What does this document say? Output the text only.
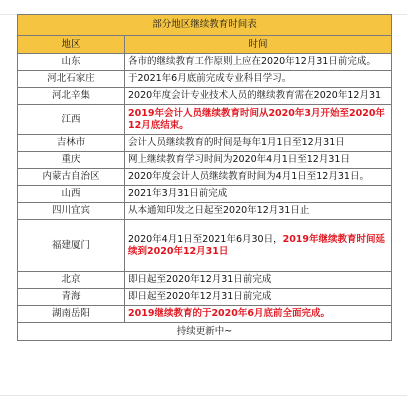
部分地区继续教育时间表	
地区	时间
山东	各市的继续教育工作原则上应在2020年12月31日前完成。
河北石家庄	于2021年6月底前完成专业科目学习。
河北辛集	2020年度会计专业技术人员的继续教育需在2020年12月31
江西	2019年会计人员继续教育时间从2020年3月开始至2020年12月底结束。
吉林市	会计人员继续教育的时间是每年1月1日至12月31日
重庆	网上继续教育学习时间为2020年4月1日至12月31日
内蒙古自治区	2020年度会计人员继续教育时间为4月1日至12月31日。
山西	2021年3月31日前完成
四川宜宾	从本通知印发之日起至2020年12月31日止
福建厦门	2020年4月1日至2021年6月30日，2019年继续教育时间延续到2020年12月31日
北京	即日起至2020年12月31日前完成
青海	即日起至2020年12月31日前完成
湖南岳阳	2019继续教育的于2020年6月底前全面完成。
持续更新中~	
